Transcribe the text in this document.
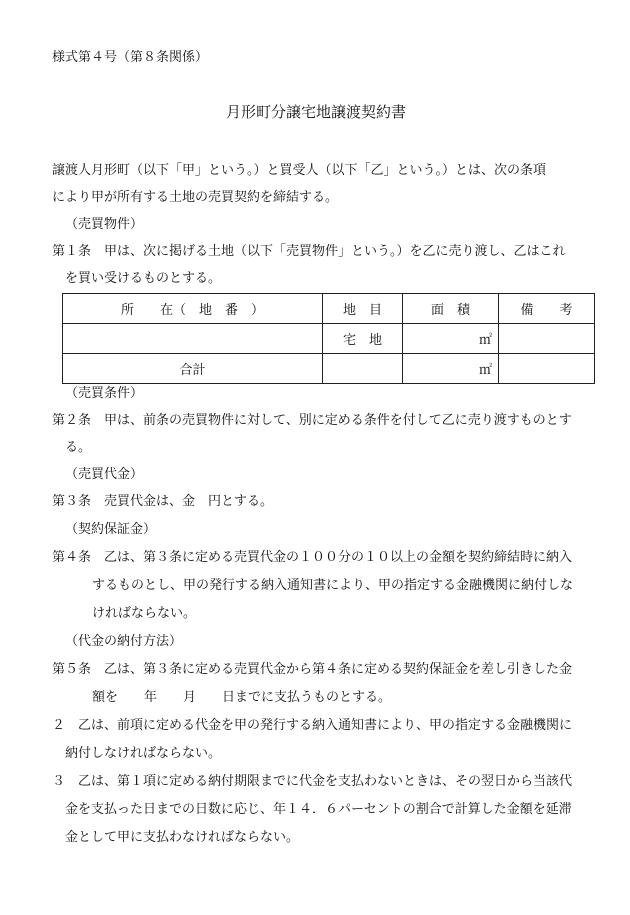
様式第４号（第８条関係）
月形町分譲宅地譲渡契約書
譲渡人月形町（以下「甲」という。）と買受人（以下「乙」という。）とは、次の条項
により甲が所有する土地の売買契約を締結する。
（売買物件）
第１条　甲は、次に掲げる土地（以下「売買物件」という。）を乙に売り渡し、乙はこれ
を買い受けるものとする。
所　　在（　地　番　）	地　目	面　積	備　　考
	宅　地	㎡	
合計		㎡	
（売買条件）
第２条　甲は、前条の売買物件に対して、別に定める条件を付して乙に売り渡すものとす
る。
（売買代金）
第３条　売買代金は、金　円とする。
（契約保証金）
第４条　乙は、第３条に定める売買代金の１００分の１０以上の金額を契約締結時に納入
するものとし、甲の発行する納入通知書により、甲の指定する金融機関に納付しな
ければならない。
（代金の納付方法）
第５条　乙は、第３条に定める売買代金から第４条に定める契約保証金を差し引きした金
額を　　年　　月　　日までに支払うものとする。
２　乙は、前項に定める代金を甲の発行する納入通知書により、甲の指定する金融機関に
納付しなければならない。
３　乙は、第１項に定める納付期限までに代金を支払わないときは、その翌日から当該代
金を支払った日までの日数に応じ、年１４．６パーセントの割合で計算した金額を延滞
金として甲に支払わなければならない。
